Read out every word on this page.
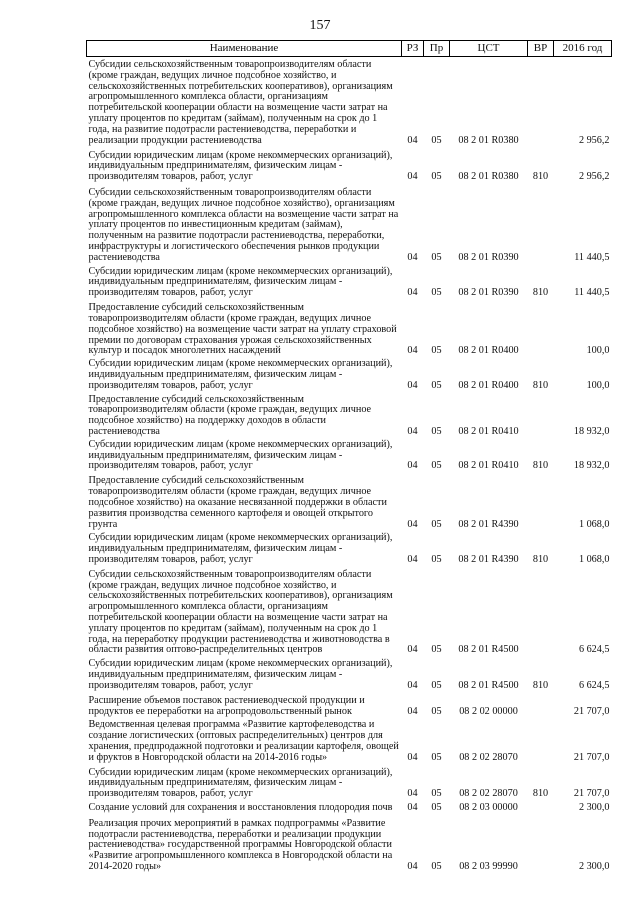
157
Наименование	РЗ	Пр	ЦСТ	ВР	2016 год
Субсидии сельскохозяйственным товаропроизводителям области (кроме граждан, ведущих личное подсобное хозяйство, и сельскохозяйственных потребительских кооперативов), организациям агропромышленного комплекса области, организациям потребительской кооперации области на возмещение части затрат на уплату процентов по кредитам (займам), полученным на срок до 1 года, на развитие подотрасли растениеводства, переработки и реализации продукции растениеводства	04	05	08 2 01 R0380		2 956,2
Субсидии юридическим лицам (кроме некоммерческих организаций), индивидуальным предпринимателям, физическим лицам - производителям товаров, работ, услуг	04	05	08 2 01 R0380	810	2 956,2
Субсидии сельскохозяйственным товаропроизводителям области (кроме граждан, ведущих личное подсобное хозяйство), организациям агропромышленного комплекса области на возмещение части затрат на уплату процентов по инвестиционным кредитам (займам), полученным на развитие подотрасли растениеводства, переработки, инфраструктуры и логистического обеспечения рынков продукции растениеводства	04	05	08 2 01 R0390		11 440,5
Субсидии юридическим лицам (кроме некоммерческих организаций), индивидуальным предпринимателям, физическим лицам - производителям товаров, работ, услуг	04	05	08 2 01 R0390	810	11 440,5
Предоставление субсидий сельскохозяйственным товаропроизводителям области (кроме граждан, ведущих личное подсобное хозяйство) на возмещение части затрат на уплату страховой премии по договорам страхования урожая сельскохозяйственных культур и посадок многолетних насаждений	04	05	08 2 01 R0400		100,0
Субсидии юридическим лицам (кроме некоммерческих организаций), индивидуальным предпринимателям, физическим лицам - производителям товаров, работ, услуг	04	05	08 2 01 R0400	810	100,0
Предоставление субсидий сельскохозяйственным товаропроизводителям области (кроме граждан, ведущих личное подсобное хозяйство) на поддержку доходов в области растениеводства	04	05	08 2 01 R0410		18 932,0
Субсидии юридическим лицам (кроме некоммерческих организаций), индивидуальным предпринимателям, физическим лицам - производителям товаров, работ, услуг	04	05	08 2 01 R0410	810	18 932,0
Предоставление субсидий сельскохозяйственным товаропроизводителям области (кроме граждан, ведущих личное подсобное хозяйство) на оказание несвязанной поддержки в области развития производства семенного картофеля и овощей открытого грунта	04	05	08 2 01 R4390		1 068,0
Субсидии юридическим лицам (кроме некоммерческих организаций), индивидуальным предпринимателям, физическим лицам - производителям товаров, работ, услуг	04	05	08 2 01 R4390	810	1 068,0
Субсидии сельскохозяйственным товаропроизводителям области (кроме граждан, ведущих личное подсобное хозяйство, и сельскохозяйственных потребительских кооперативов), организациям агропромышленного комплекса области, организациям потребительской кооперации области на возмещение части затрат на уплату процентов по кредитам (займам), полученным на срок до 1 года, на переработку продукции растениеводства и животноводства в области развития оптово-распределительных центров	04	05	08 2 01 R4500		6 624,5
Субсидии юридическим лицам (кроме некоммерческих организаций), индивидуальным предпринимателям, физическим лицам - производителям товаров, работ, услуг	04	05	08 2 01 R4500	810	6 624,5
Расширение объемов поставок растениеводческой продукции и продуктов ее переработки на агропродовольственный рынок	04	05	08 2 02 00000		21 707,0
Ведомственная целевая программа «Развитие картофелеводства и создание логистических (оптовых распределительных) центров для хранения, предпродажной подготовки и реализации картофеля, овощей и фруктов в Новгородской области на 2014-2016 годы»	04	05	08 2 02 28070		21 707,0
Субсидии юридическим лицам (кроме некоммерческих организаций), индивидуальным предпринимателям, физическим лицам - производителям товаров, работ, услуг	04	05	08 2 02 28070	810	21 707,0
Создание условий для сохранения и восстановления плодородия почв	04	05	08 2 03 00000		2 300,0
Реализация прочих мероприятий в рамках подпрограммы «Развитие подотрасли растениеводства, переработки и реализации продукции растениеводства» государственной программы Новгородской области «Развитие агропромышленного комплекса в Новгородской области на 2014-2020 годы»	04	05	08 2 03 99990		2 300,0
